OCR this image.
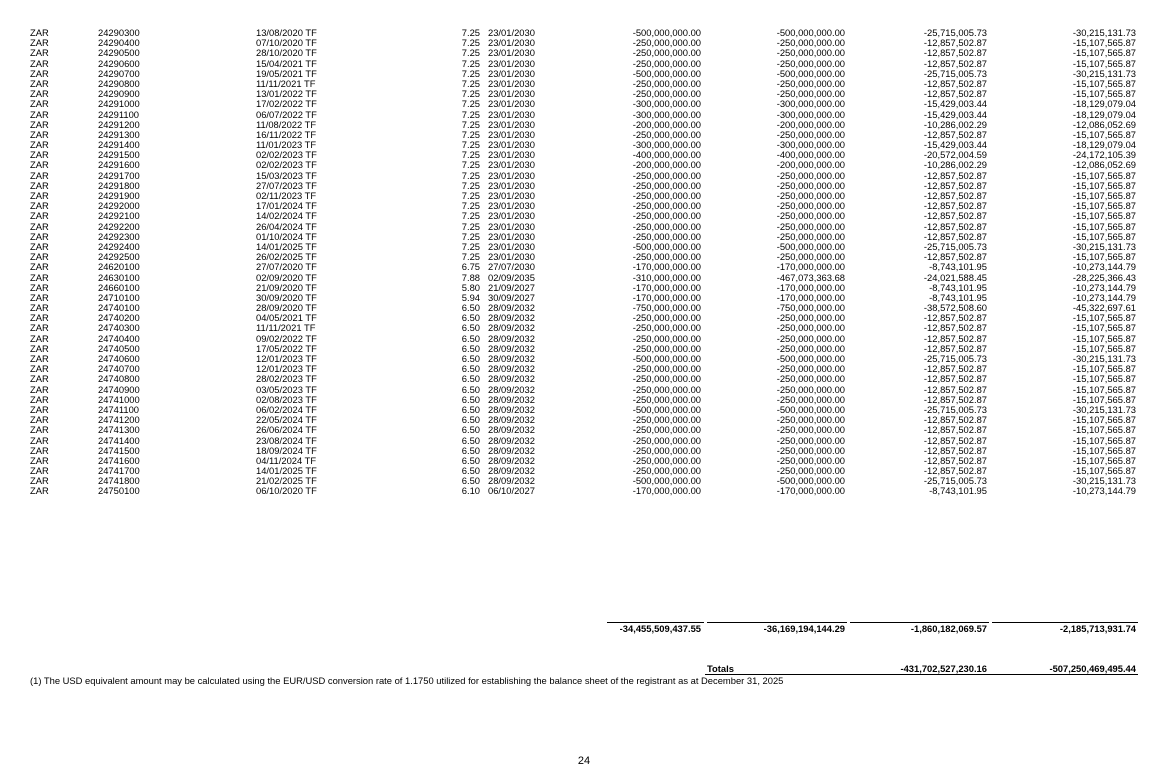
ZAR	24290300	13/08/2020 TF	7.25 23/01/2030	-500,000,000.00	-500,000,000.00	-25,715,005.73	-30,215,131.73
ZAR	24290400	07/10/2020 TF	7.25 23/01/2030	-250,000,000.00	-250,000,000.00	-12,857,502.87	-15,107,565.87
ZAR	24290500	28/10/2020 TF	7.25 23/01/2030	-250,000,000.00	-250,000,000.00	-12,857,502.87	-15,107,565.87
ZAR	24290600	15/04/2021 TF	7.25 23/01/2030	-250,000,000.00	-250,000,000.00	-12,857,502.87	-15,107,565.87
ZAR	24290700	19/05/2021 TF	7.25 23/01/2030	-500,000,000.00	-500,000,000.00	-25,715,005.73	-30,215,131.73
ZAR	24290800	11/11/2021 TF	7.25 23/01/2030	-250,000,000.00	-250,000,000.00	-12,857,502.87	-15,107,565.87
ZAR	24290900	13/01/2022 TF	7.25 23/01/2030	-250,000,000.00	-250,000,000.00	-12,857,502.87	-15,107,565.87
ZAR	24291000	17/02/2022 TF	7.25 23/01/2030	-300,000,000.00	-300,000,000.00	-15,429,003.44	-18,129,079.04
ZAR	24291100	06/07/2022 TF	7.25 23/01/2030	-300,000,000.00	-300,000,000.00	-15,429,003.44	-18,129,079.04
ZAR	24291200	11/08/2022 TF	7.25 23/01/2030	-200,000,000.00	-200,000,000.00	-10,286,002.29	-12,086,052.69
ZAR	24291300	16/11/2022 TF	7.25 23/01/2030	-250,000,000.00	-250,000,000.00	-12,857,502.87	-15,107,565.87
ZAR	24291400	11/01/2023 TF	7.25 23/01/2030	-300,000,000.00	-300,000,000.00	-15,429,003.44	-18,129,079.04
ZAR	24291500	02/02/2023 TF	7.25 23/01/2030	-400,000,000.00	-400,000,000.00	-20,572,004.59	-24,172,105.39
ZAR	24291600	02/02/2023 TF	7.25 23/01/2030	-200,000,000.00	-200,000,000.00	-10,286,002.29	-12,086,052.69
ZAR	24291700	15/03/2023 TF	7.25 23/01/2030	-250,000,000.00	-250,000,000.00	-12,857,502.87	-15,107,565.87
ZAR	24291800	27/07/2023 TF	7.25 23/01/2030	-250,000,000.00	-250,000,000.00	-12,857,502.87	-15,107,565.87
ZAR	24291900	02/11/2023 TF	7.25 23/01/2030	-250,000,000.00	-250,000,000.00	-12,857,502.87	-15,107,565.87
ZAR	24292000	17/01/2024 TF	7.25 23/01/2030	-250,000,000.00	-250,000,000.00	-12,857,502.87	-15,107,565.87
ZAR	24292100	14/02/2024 TF	7.25 23/01/2030	-250,000,000.00	-250,000,000.00	-12,857,502.87	-15,107,565.87
ZAR	24292200	26/04/2024 TF	7.25 23/01/2030	-250,000,000.00	-250,000,000.00	-12,857,502.87	-15,107,565.87
ZAR	24292300	01/10/2024 TF	7.25 23/01/2030	-250,000,000.00	-250,000,000.00	-12,857,502.87	-15,107,565.87
ZAR	24292400	14/01/2025 TF	7.25 23/01/2030	-500,000,000.00	-500,000,000.00	-25,715,005.73	-30,215,131.73
ZAR	24292500	26/02/2025 TF	7.25 23/01/2030	-250,000,000.00	-250,000,000.00	-12,857,502.87	-15,107,565.87
ZAR	24620100	27/07/2020 TF	6.75 27/07/2030	-170,000,000.00	-170,000,000.00	-8,743,101.95	-10,273,144.79
ZAR	24630100	02/09/2020 TF	7.88 02/09/2035	-310,000,000.00	-467,073,363.68	-24,021,588.45	-28,225,366.43
ZAR	24660100	21/09/2020 TF	5.80 21/09/2027	-170,000,000.00	-170,000,000.00	-8,743,101.95	-10,273,144.79
ZAR	24710100	30/09/2020 TF	5.94 30/09/2027	-170,000,000.00	-170,000,000.00	-8,743,101.95	-10,273,144.79
ZAR	24740100	28/09/2020 TF	6.50 28/09/2032	-750,000,000.00	-750,000,000.00	-38,572,508.60	-45,322,697.61
ZAR	24740200	04/05/2021 TF	6.50 28/09/2032	-250,000,000.00	-250,000,000.00	-12,857,502.87	-15,107,565.87
ZAR	24740300	11/11/2021 TF	6.50 28/09/2032	-250,000,000.00	-250,000,000.00	-12,857,502.87	-15,107,565.87
ZAR	24740400	09/02/2022 TF	6.50 28/09/2032	-250,000,000.00	-250,000,000.00	-12,857,502.87	-15,107,565.87
ZAR	24740500	17/05/2022 TF	6.50 28/09/2032	-250,000,000.00	-250,000,000.00	-12,857,502.87	-15,107,565.87
ZAR	24740600	12/01/2023 TF	6.50 28/09/2032	-500,000,000.00	-500,000,000.00	-25,715,005.73	-30,215,131.73
ZAR	24740700	12/01/2023 TF	6.50 28/09/2032	-250,000,000.00	-250,000,000.00	-12,857,502.87	-15,107,565.87
ZAR	24740800	28/02/2023 TF	6.50 28/09/2032	-250,000,000.00	-250,000,000.00	-12,857,502.87	-15,107,565.87
ZAR	24740900	03/05/2023 TF	6.50 28/09/2032	-250,000,000.00	-250,000,000.00	-12,857,502.87	-15,107,565.87
ZAR	24741000	02/08/2023 TF	6.50 28/09/2032	-250,000,000.00	-250,000,000.00	-12,857,502.87	-15,107,565.87
ZAR	24741100	06/02/2024 TF	6.50 28/09/2032	-500,000,000.00	-500,000,000.00	-25,715,005.73	-30,215,131.73
ZAR	24741200	22/05/2024 TF	6.50 28/09/2032	-250,000,000.00	-250,000,000.00	-12,857,502.87	-15,107,565.87
ZAR	24741300	26/06/2024 TF	6.50 28/09/2032	-250,000,000.00	-250,000,000.00	-12,857,502.87	-15,107,565.87
ZAR	24741400	23/08/2024 TF	6.50 28/09/2032	-250,000,000.00	-250,000,000.00	-12,857,502.87	-15,107,565.87
ZAR	24741500	18/09/2024 TF	6.50 28/09/2032	-250,000,000.00	-250,000,000.00	-12,857,502.87	-15,107,565.87
ZAR	24741600	04/11/2024 TF	6.50 28/09/2032	-250,000,000.00	-250,000,000.00	-12,857,502.87	-15,107,565.87
ZAR	24741700	14/01/2025 TF	6.50 28/09/2032	-250,000,000.00	-250,000,000.00	-12,857,502.87	-15,107,565.87
ZAR	24741800	21/02/2025 TF	6.50 28/09/2032	-500,000,000.00	-500,000,000.00	-25,715,005.73	-30,215,131.73
ZAR	24750100	06/10/2020 TF	6.10 06/10/2027	-170,000,000.00	-170,000,000.00	-8,743,101.95	-10,273,144.79
-34,455,509,437.55	-36,169,194,144.29	-1,860,182,069.57	-2,185,713,931.74
Totals	-431,702,527,230.16	-507,250,469,495.44
(1) The USD equivalent amount may be calculated using the EUR/USD conversion rate of 1.1750 utilized for establishing the balance sheet of the registrant as at December 31, 2025
24
